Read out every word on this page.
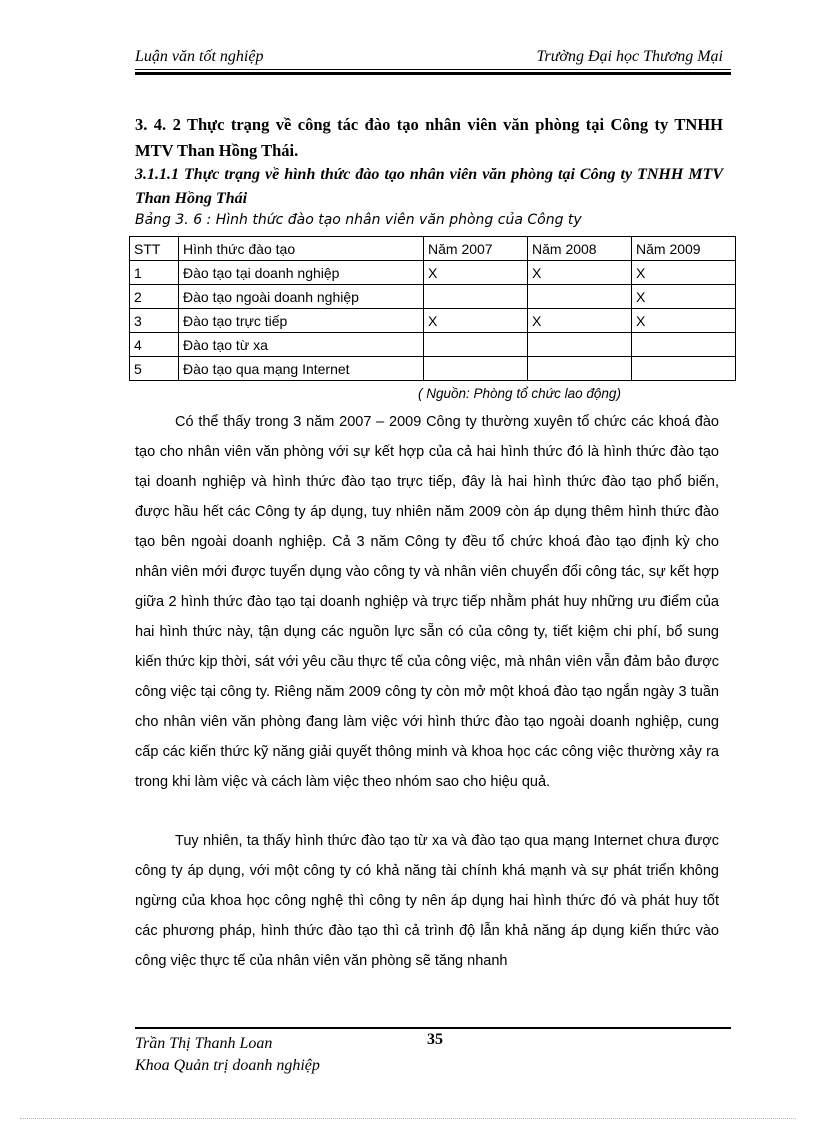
Luận văn tốt nghiệp	Trường Đại học Thương Mại
3. 4. 2 Thực trạng về công tác đào tạo nhân viên văn phòng tại Công ty TNHH MTV Than Hồng Thái.
3.1.1.1 Thực trạng về hình thức đào tạo nhân viên văn phòng tại Công ty TNHH MTV Than Hồng Thái
Bảng 3. 6 : Hình thức đào tạo nhân viên văn phòng của Công ty
STT	Hình thức đào tạo	Năm 2007	Năm 2008	Năm 2009
1	Đào tạo tại doanh nghiệp	X	X	X
2	Đào tạo ngoài doanh nghiệp			X
3	Đào tạo trực tiếp	X	X	X
4	Đào tạo từ xa			
5	Đào tạo qua mạng Internet			
( Nguồn: Phòng tổ chức lao động)

Có thể thấy trong 3 năm 2007 – 2009 Công ty thường xuyên tổ chức các khoá đào tạo cho nhân viên văn phòng với sự kết hợp của cả hai hình thức đó là hình thức đào tạo tại doanh nghiệp và hình thức đào tạo trực tiếp, đây là hai hình thức đào tạo phổ biến, được hầu hết các Công ty áp dụng, tuy nhiên năm 2009 còn áp dụng thêm hình thức đào tạo bên ngoài doanh nghiệp. Cả 3 năm Công ty đều tổ chức khoá đào tạo định kỳ cho nhân viên mới được tuyển dụng vào công ty và nhân viên chuyển đổi công tác, sự kết hợp giữa 2 hình thức đào tạo tại doanh nghiệp và trực tiếp nhằm phát huy những ưu điểm của hai hình thức này, tận dụng các nguồn lực sẵn có của công ty, tiết kiệm chi phí, bổ sung kiến thức kịp thời, sát với yêu cầu thực tế của công việc, mà nhân viên vẫn đảm bảo được công việc tại công ty. Riêng năm 2009 công ty còn mở một khoá đào tạo ngắn ngày 3 tuần cho nhân viên văn phòng đang làm việc với hình thức đào tạo ngoài doanh nghiệp, cung cấp các kiến thức kỹ năng giải quyết thông minh và khoa học các công việc thường xảy ra trong khi làm việc và cách làm việc theo nhóm sao cho hiệu quả.

Tuy nhiên, ta thấy hình thức đào tạo từ xa và đào tạo qua mạng Internet chưa được công ty áp dụng, với một công ty có khả năng tài chính khá mạnh và sự phát triển không ngừng của khoa học công nghệ thì công ty nên áp dụng hai hình thức đó và phát huy tốt các phương pháp, hình thức đào tạo thì cả trình độ lẫn khả năng áp dụng kiến thức vào công việc thực tế của nhân viên văn phòng sẽ tăng nhanh

35
Trần Thị Thanh Loan
Khoa Quản trị doanh nghiệp
